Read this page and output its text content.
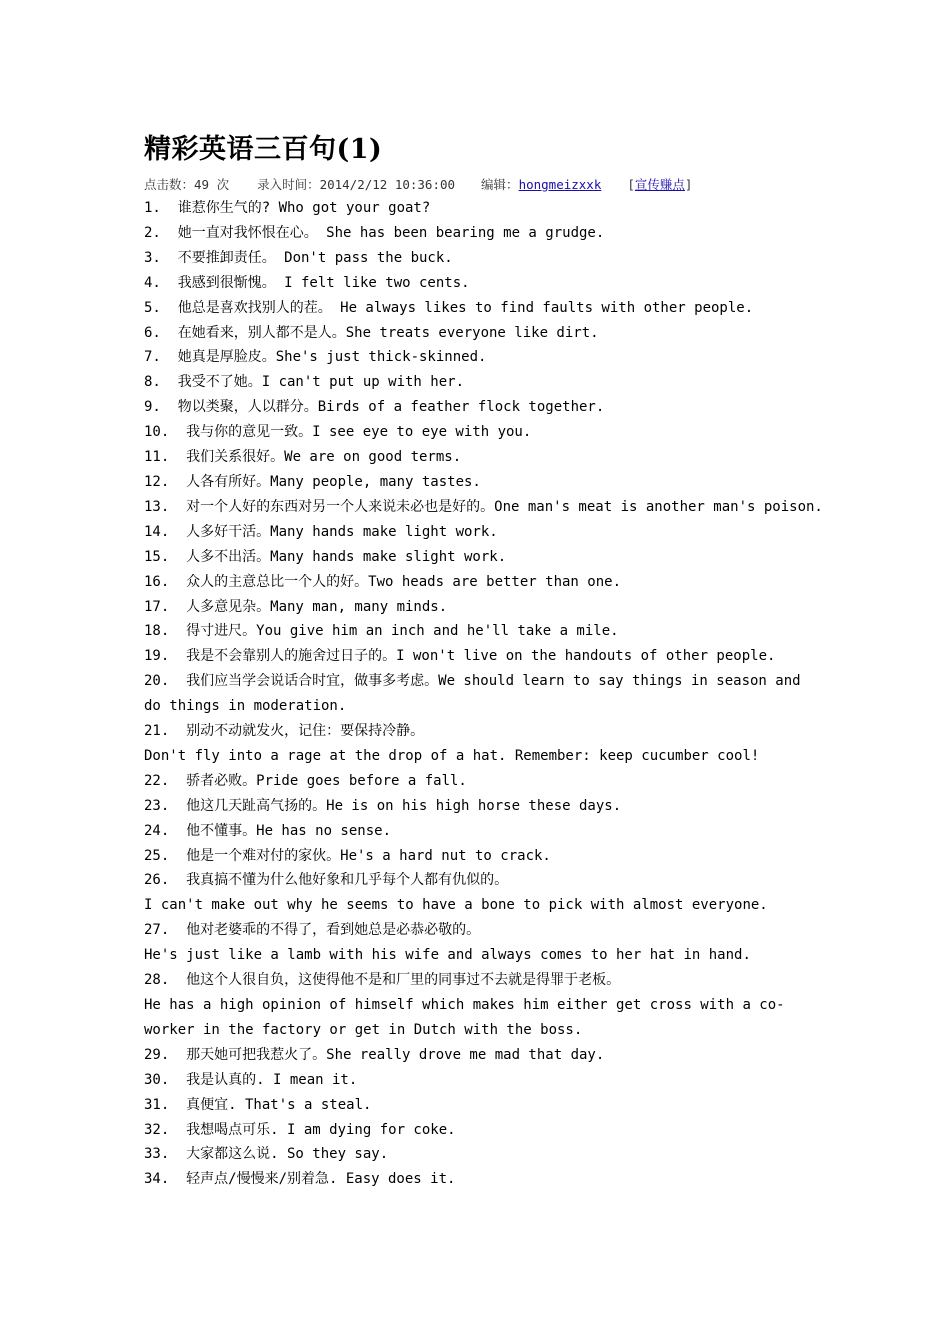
精彩英语三百句(1)
点击数：49 次 录入时间：2014/2/12 10:36:00 编辑：hongmeizxxk [宣传赚点]
1.  谁惹你生气的? Who got your goat?
2.  她一直对我怀恨在心。 She has been bearing me a grudge.
3.  不要推卸责任。 Don't pass the buck.
4.  我感到很惭愧。 I felt like two cents.
5.  他总是喜欢找别人的茬。 He always likes to find faults with other people.
6.  在她看来，别人都不是人。She treats everyone like dirt.
7.  她真是厚脸皮。She's just thick-skinned.
8.  我受不了她。I can't put up with her.
9.  物以类聚，人以群分。Birds of a feather flock together.
10.  我与你的意见一致。I see eye to eye with you.
11.  我们关系很好。We are on good terms.
12.  人各有所好。Many people, many tastes.
13.  对一个人好的东西对另一个人来说未必也是好的。One man's meat is another man's poison.
14.  人多好干活。Many hands make light work.
15.  人多不出活。Many hands make slight work.
16.  众人的主意总比一个人的好。Two heads are better than one.
17.  人多意见杂。Many man, many minds.
18.  得寸进尺。You give him an inch and he'll take a mile.
19.  我是不会靠别人的施舍过日子的。I won't live on the handouts of other people.
20.  我们应当学会说话合时宜，做事多考虑。We should learn to say things in season and do things in moderation.
21.  别动不动就发火，记住：要保持冷静。
Don't fly into a rage at the drop of a hat. Remember: keep cucumber cool!
22.  骄者必败。Pride goes before a fall.
23.  他这几天趾高气扬的。He is on his high horse these days.
24.  他不懂事。He has no sense.
25.  他是一个难对付的家伙。He's a hard nut to crack.
26.  我真搞不懂为什么他好象和几乎每个人都有仇似的。
I can't make out why he seems to have a bone to pick with almost everyone.
27.  他对老婆乖的不得了，看到她总是必恭必敬的。
He's just like a lamb with his wife and always comes to her hat in hand.
28.  他这个人很自负，这使得他不是和厂里的同事过不去就是得罪于老板。
He has a high opinion of himself which makes him either get cross with a co-worker in the factory or get in Dutch with the boss.
29.  那天她可把我惹火了。She really drove me mad that day.
30.  我是认真的. I mean it.
31.  真便宜. That's a steal.
32.  我想喝点可乐. I am dying for coke.
33.  大家都这么说. So they say.
34.  轻声点/慢慢来/别着急. Easy does it.
